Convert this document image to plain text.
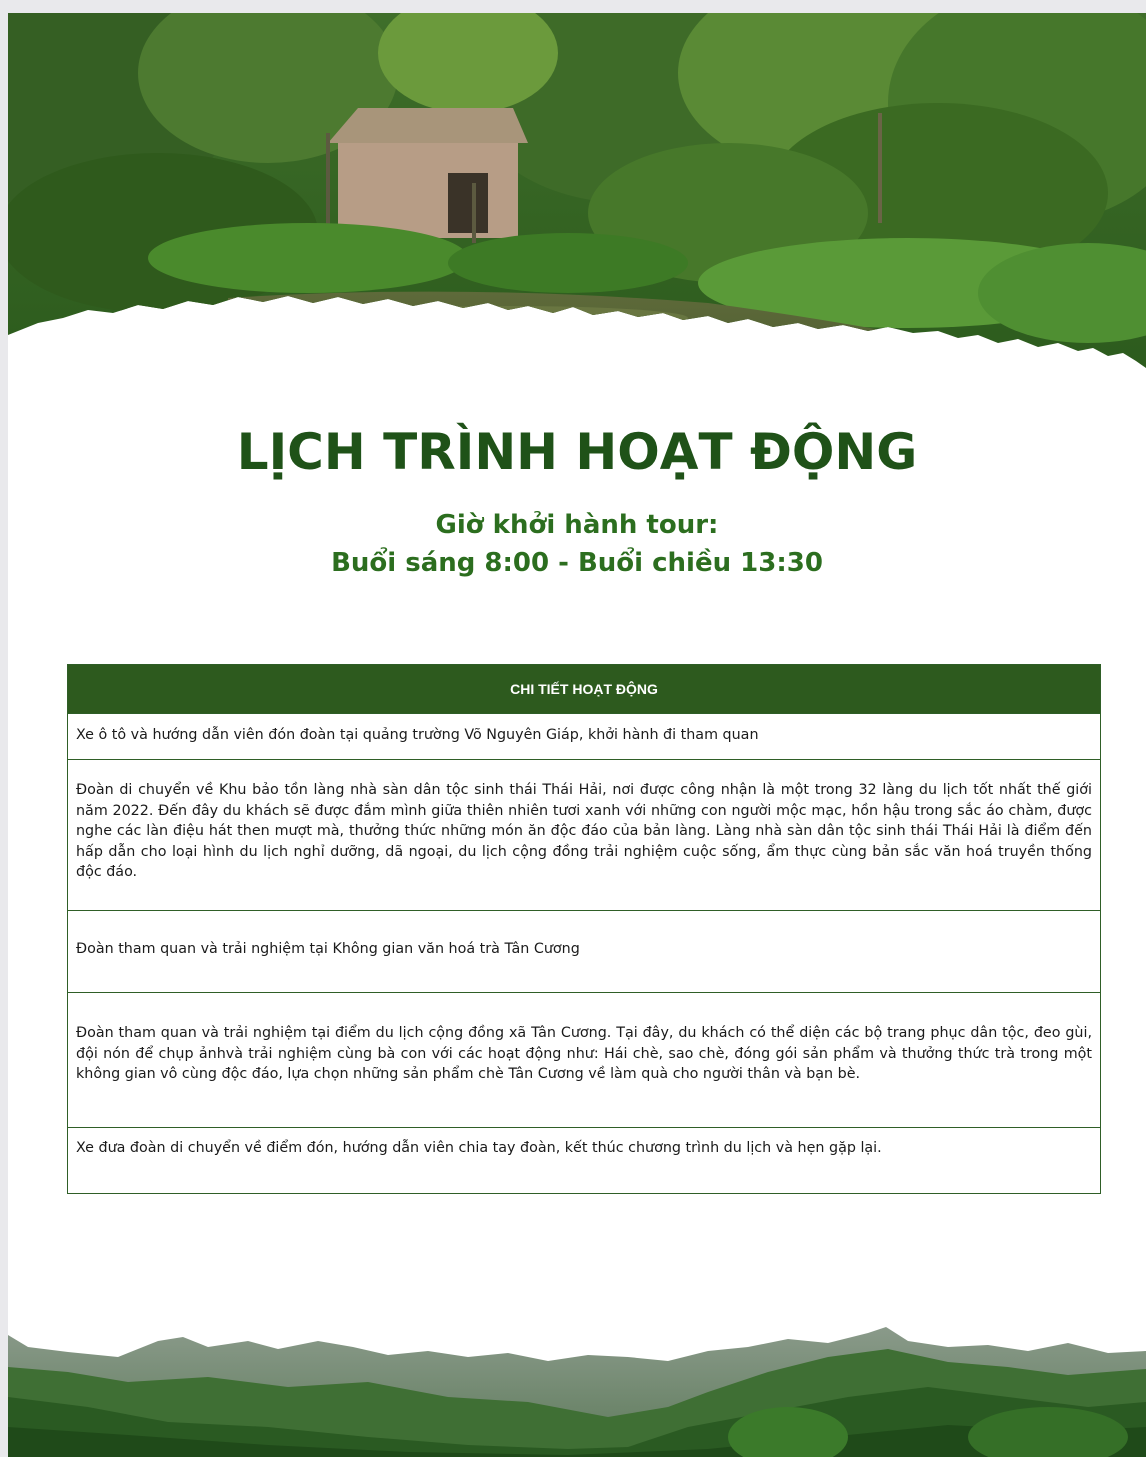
LỊCH TRÌNH HOẠT ĐỘNG
Giờ khởi hành tour:
Buổi sáng 8:00 - Buổi chiều 13:30
CHI TIẾT HOẠT ĐỘNG
Xe ô tô và hướng dẫn viên đón đoàn tại quảng trường Võ Nguyên Giáp, khởi hành đi tham quan
Đoàn di chuyển về Khu bảo tồn làng nhà sàn dân tộc sinh thái Thái Hải, nơi được công nhận là một trong 32 làng du lịch tốt nhất thế giới năm 2022. Đến đây du khách sẽ được đắm mình giữa thiên nhiên tươi xanh với những con người mộc mạc, hồn hậu trong sắc áo chàm, được nghe các làn điệu hát then mượt mà, thưởng thức những món ăn độc đáo của bản làng. Làng nhà sàn dân tộc sinh thái Thái Hải là điểm đến hấp dẫn cho loại hình du lịch nghỉ dưỡng, dã ngoại, du lịch cộng đồng trải nghiệm cuộc sống, ẩm thực cùng bản sắc văn hoá truyền thống độc đáo.
Đoàn tham quan và trải nghiệm tại Không gian văn hoá trà Tân Cương
Đoàn tham quan và trải nghiệm tại điểm du lịch cộng đồng xã Tân Cương. Tại đây, du khách có thể diện các bộ trang phục dân tộc, đeo gùi, đội nón để chụp ảnhvà trải nghiệm cùng bà con với các hoạt động như: Hái chè, sao chè, đóng gói sản phẩm và thưởng thức trà trong một không gian vô cùng độc đáo, lựa chọn những sản phẩm chè Tân Cương về làm quà cho người thân và bạn bè.
Xe đưa đoàn di chuyển về điểm đón, hướng dẫn viên chia tay đoàn, kết thúc chương trình du lịch và hẹn gặp lại.
